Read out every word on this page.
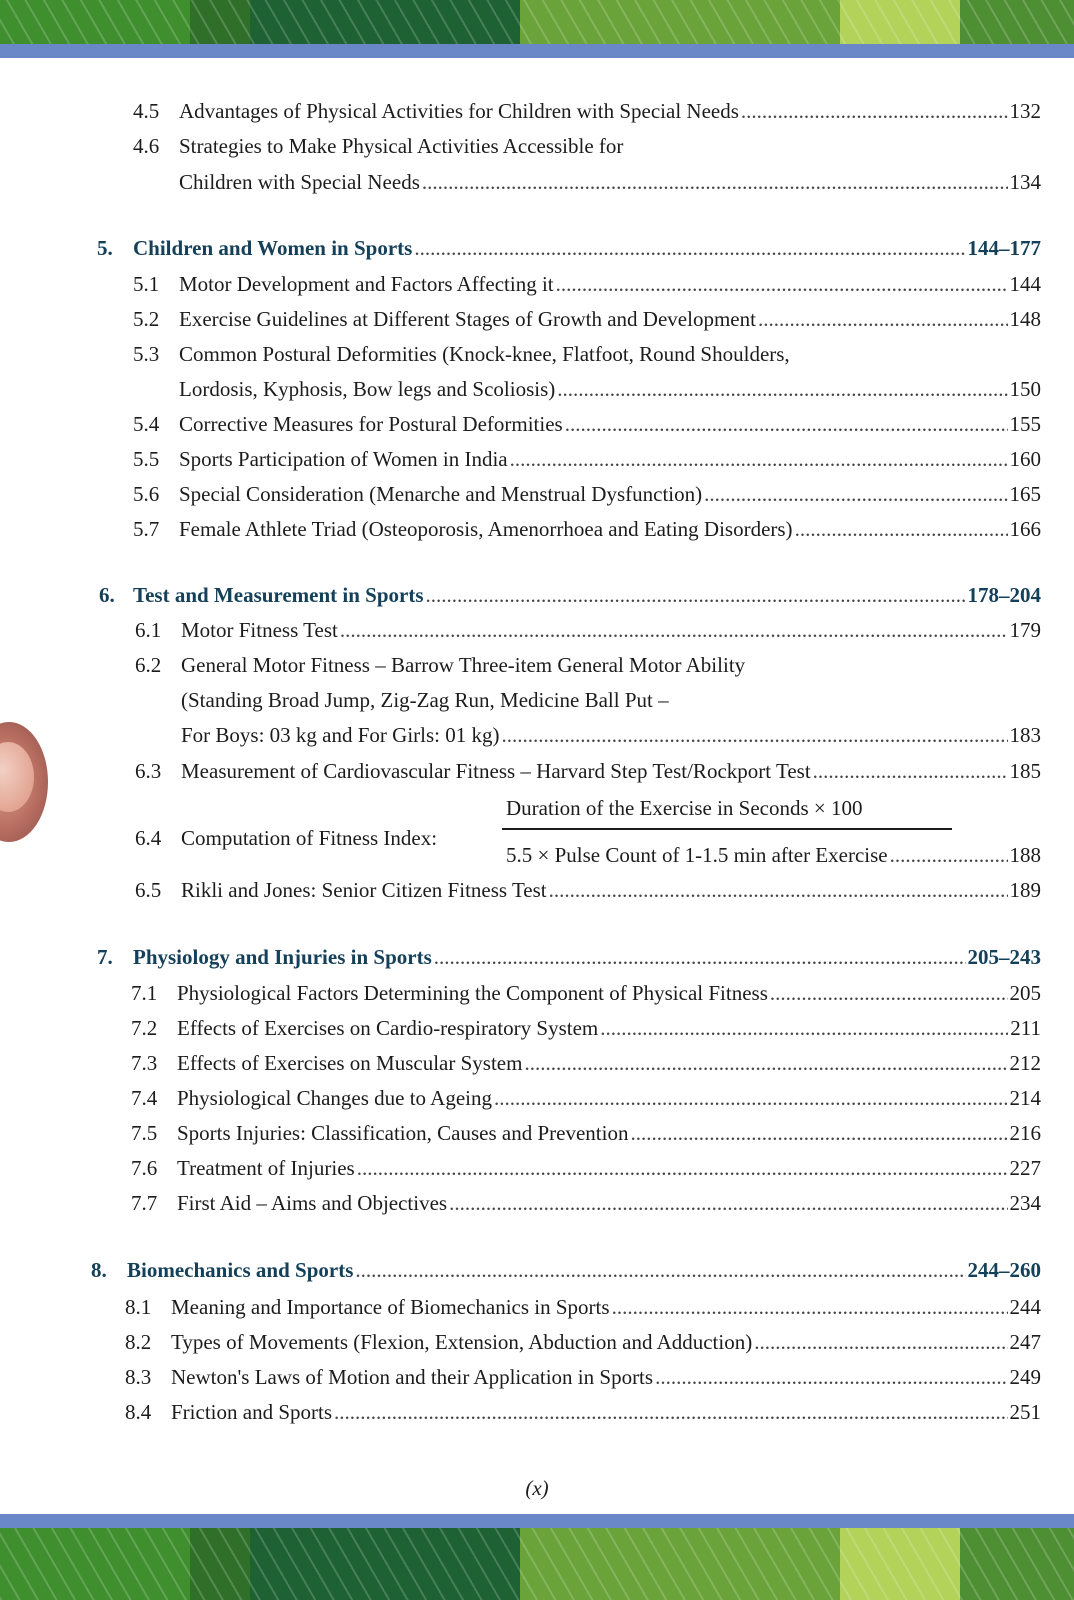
4.5 Advantages of Physical Activities for Children with Special Needs .....	132
4.6 Strategies to Make Physical Activities Accessible for
Children with Special Needs .....	134
5. Children and Women in Sports .....	144–177
5.1 Motor Development and Factors Affecting it .....	144
5.2 Exercise Guidelines at Different Stages of Growth and Development .....	148
5.3 Common Postural Deformities (Knock-knee, Flatfoot, Round Shoulders,
Lordosis, Kyphosis, Bow legs and Scoliosis) .....	150
5.4 Corrective Measures for Postural Deformities .....	155
5.5 Sports Participation of Women in India .....	160
5.6 Special Consideration (Menarche and Menstrual Dysfunction) .....	165
5.7 Female Athlete Triad (Osteoporosis, Amenorrhoea and Eating Disorders) .....	166
6. Test and Measurement in Sports .....	178–204
6.1 Motor Fitness Test .....	179
6.2 General Motor Fitness – Barrow Three-item General Motor Ability
(Standing Broad Jump, Zig-Zag Run, Medicine Ball Put –
For Boys: 03 kg and For Girls: 01 kg) .....	183
6.3 Measurement of Cardiovascular Fitness – Harvard Step Test/Rockport Test .....	185
6.4 Computation of Fitness Index:
Duration of the Exercise in Seconds × 100
5.5 × Pulse Count of 1-1.5 min after Exercise .....	188
6.5 Rikli and Jones: Senior Citizen Fitness Test .....	189
7. Physiology and Injuries in Sports .....	205–243
7.1 Physiological Factors Determining the Component of Physical Fitness .....	205
7.2 Effects of Exercises on Cardio-respiratory System .....	211
7.3 Effects of Exercises on Muscular System .....	212
7.4 Physiological Changes due to Ageing .....	214
7.5 Sports Injuries: Classification, Causes and Prevention .....	216
7.6 Treatment of Injuries .....	227
7.7 First Aid – Aims and Objectives .....	234
8. Biomechanics and Sports .....	244–260
8.1 Meaning and Importance of Biomechanics in Sports .....	244
8.2 Types of Movements (Flexion, Extension, Abduction and Adduction) .....	247
8.3 Newton's Laws of Motion and their Application in Sports .....	249
8.4 Friction and Sports .....	251
(x)
